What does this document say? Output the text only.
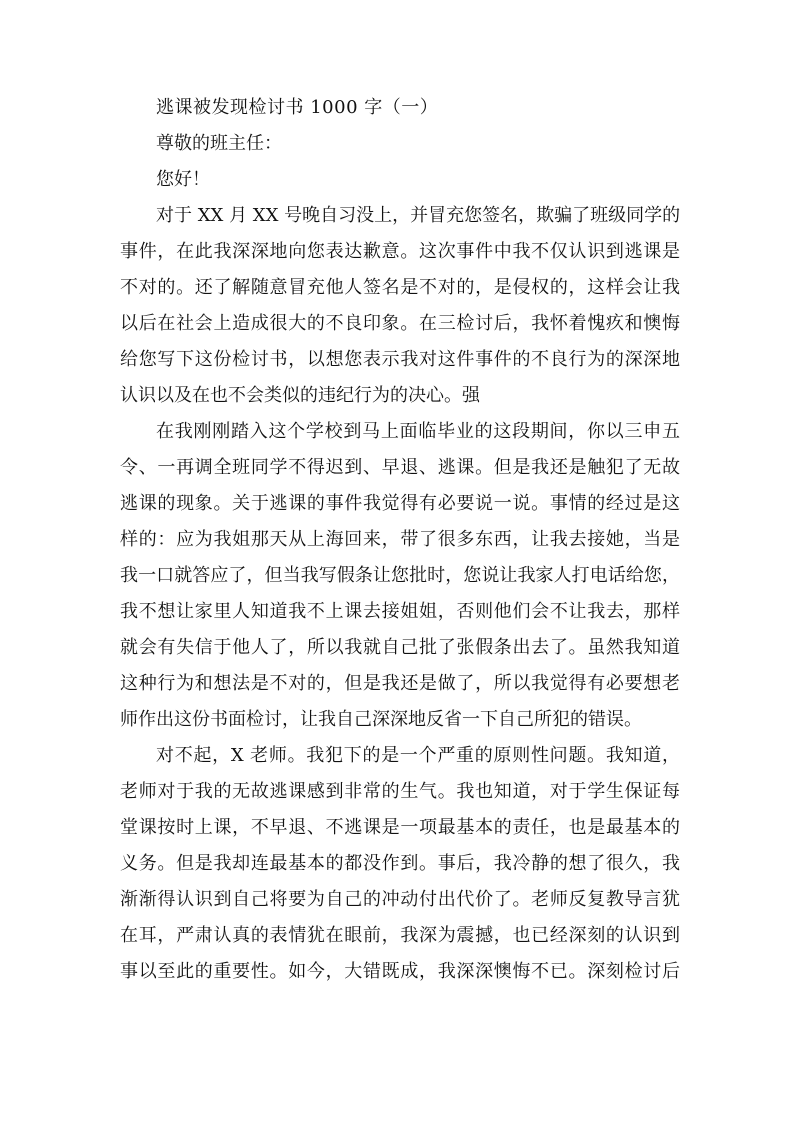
逃课被发现检讨书 1000 字（一）

尊敬的班主任：

您好！

对于 XX 月 XX 号晚自习没上，并冒充您签名，欺骗了班级同学的

事件，在此我深深地向您表达歉意。这次事件中我不仅认识到逃课是

不对的。还了解随意冒充他人签名是不对的，是侵权的，这样会让我

以后在社会上造成很大的不良印象。在三检讨后，我怀着愧疚和懊悔

给您写下这份检讨书，以想您表示我对这件事件的不良行为的深深地

认识以及在也不会类似的违纪行为的决心。强

在我刚刚踏入这个学校到马上面临毕业的这段期间，你以三申五

令、一再调全班同学不得迟到、早退、逃课。但是我还是触犯了无故

逃课的现象。关于逃课的事件我觉得有必要说一说。事情的经过是这

样的：应为我姐那天从上海回来，带了很多东西，让我去接她，当是

我一口就答应了，但当我写假条让您批时，您说让我家人打电话给您，

我不想让家里人知道我不上课去接姐姐，否则他们会不让我去，那样

就会有失信于他人了，所以我就自己批了张假条出去了。虽然我知道

这种行为和想法是不对的，但是我还是做了，所以我觉得有必要想老

师作出这份书面检讨，让我自己深深地反省一下自己所犯的错误。

对不起，X 老师。我犯下的是一个严重的原则性问题。我知道，

老师对于我的无故逃课感到非常的生气。我也知道，对于学生保证每

堂课按时上课，不早退、不逃课是一项最基本的责任，也是最基本的

义务。但是我却连最基本的都没作到。事后，我冷静的想了很久，我

渐渐得认识到自己将要为自己的冲动付出代价了。老师反复教导言犹

在耳，严肃认真的表情犹在眼前，我深为震撼，也已经深刻的认识到

事以至此的重要性。如今，大错既成，我深深懊悔不已。深刻检讨后
